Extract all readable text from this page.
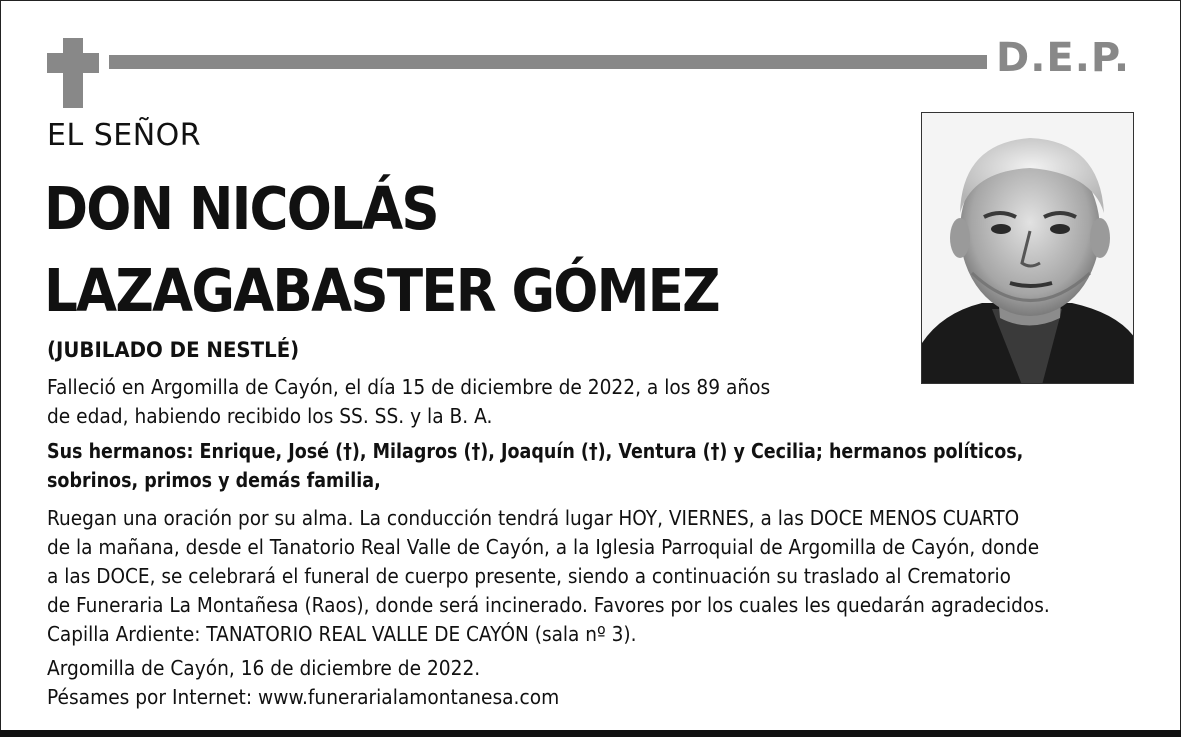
D.E.P.
EL SEÑOR
DON NICOLÁS
LAZAGABASTER GÓMEZ
(JUBILADO DE NESTLÉ)
Falleció en Argomilla de Cayón, el día 15 de diciembre de 2022, a los 89 años
de edad, habiendo recibido los SS. SS. y la B. A.
Sus hermanos: Enrique, José (†), Milagros (†), Joaquín (†), Ventura (†) y Cecilia; hermanos políticos,
sobrinos, primos y demás familia,
Ruegan una oración por su alma. La conducción tendrá lugar HOY, VIERNES, a las DOCE MENOS CUARTO
de la mañana, desde el Tanatorio Real Valle de Cayón, a la Iglesia Parroquial de Argomilla de Cayón, donde
a las DOCE, se celebrará el funeral de cuerpo presente, siendo a continuación su traslado al Crematorio
de Funeraria La Montañesa (Raos), donde será incinerado. Favores por los cuales les quedarán agradecidos.
Capilla Ardiente: TANATORIO REAL VALLE DE CAYÓN (sala nº 3).
Argomilla de Cayón, 16 de diciembre de 2022.
Pésames por Internet: www.funerarialamontanesa.com
